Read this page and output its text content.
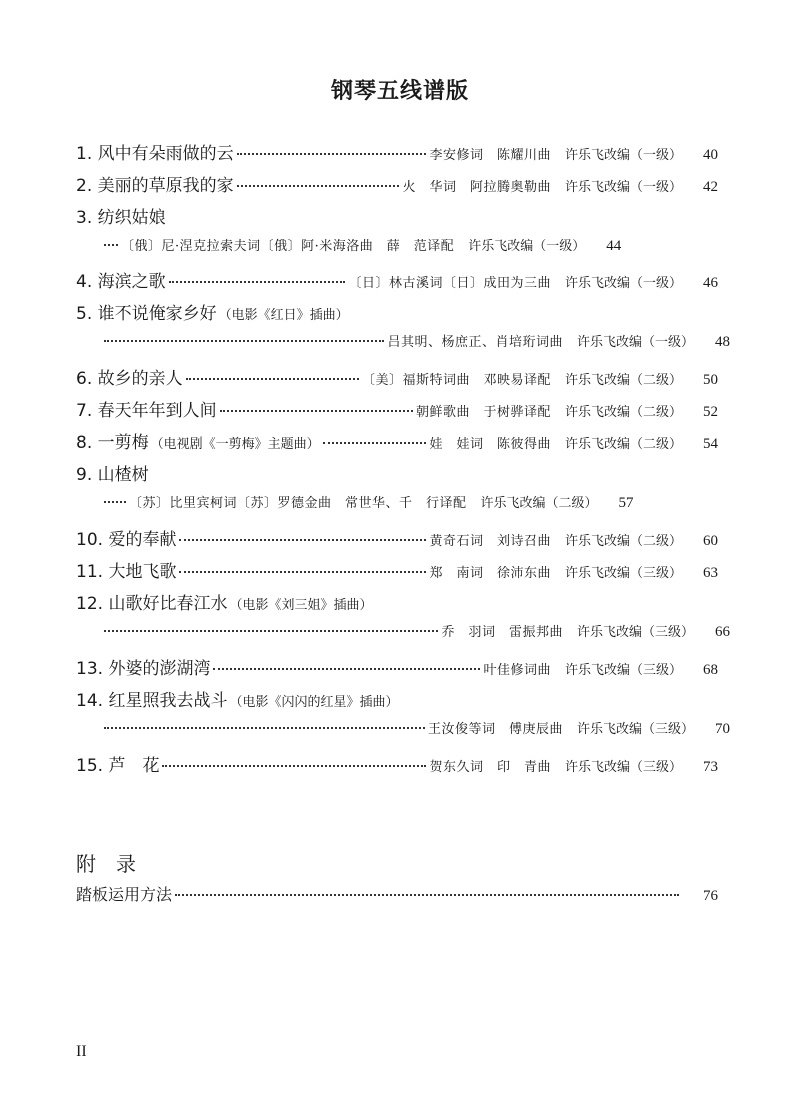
钢琴五线谱版
1. 风中有朵雨做的云	李安修词　陈耀川曲 许乐飞改编（一级）	40
2. 美丽的草原我的家	火　华词　阿拉腾奥勒曲 许乐飞改编（一级）	42
3. 纺织姑娘
〔俄〕尼·涅克拉索夫词〔俄〕阿·米海洛曲　薛　范译配 许乐飞改编（一级）	44
4. 海滨之歌	〔日〕林古溪词〔日〕成田为三曲 许乐飞改编（一级）	46
5. 谁不说俺家乡好 （电影《红日》插曲）
吕其明、杨庶正、肖培珩词曲 许乐飞改编（一级）	48
6. 故乡的亲人	〔美〕福斯特词曲　邓映易译配 许乐飞改编（二级）	50
7. 春天年年到人间	朝鲜歌曲　于树骅译配 许乐飞改编（二级）	52
8. 一剪梅 （电视剧《一剪梅》主题曲）	娃　娃词　陈彼得曲 许乐飞改编（二级）	54
9. 山楂树
〔苏〕比里宾柯词〔苏〕罗德金曲　常世华、千　行译配 许乐飞改编（二级）	57
10. 爱的奉献	黄奇石词　刘诗召曲 许乐飞改编（二级）	60
11. 大地飞歌	郑　南词　徐沛东曲 许乐飞改编（三级）	63
12. 山歌好比春江水 （电影《刘三姐》插曲）
乔　羽词　雷振邦曲 许乐飞改编（三级）	66
13. 外婆的澎湖湾	叶佳修词曲 许乐飞改编（三级）	68
14. 红星照我去战斗 （电影《闪闪的红星》插曲）
王汝俊等词　傅庚辰曲 许乐飞改编（三级）	70
15. 芦　花	贺东久词　印　青曲 许乐飞改编（三级）	73
附　录
踏板运用方法	76
II
